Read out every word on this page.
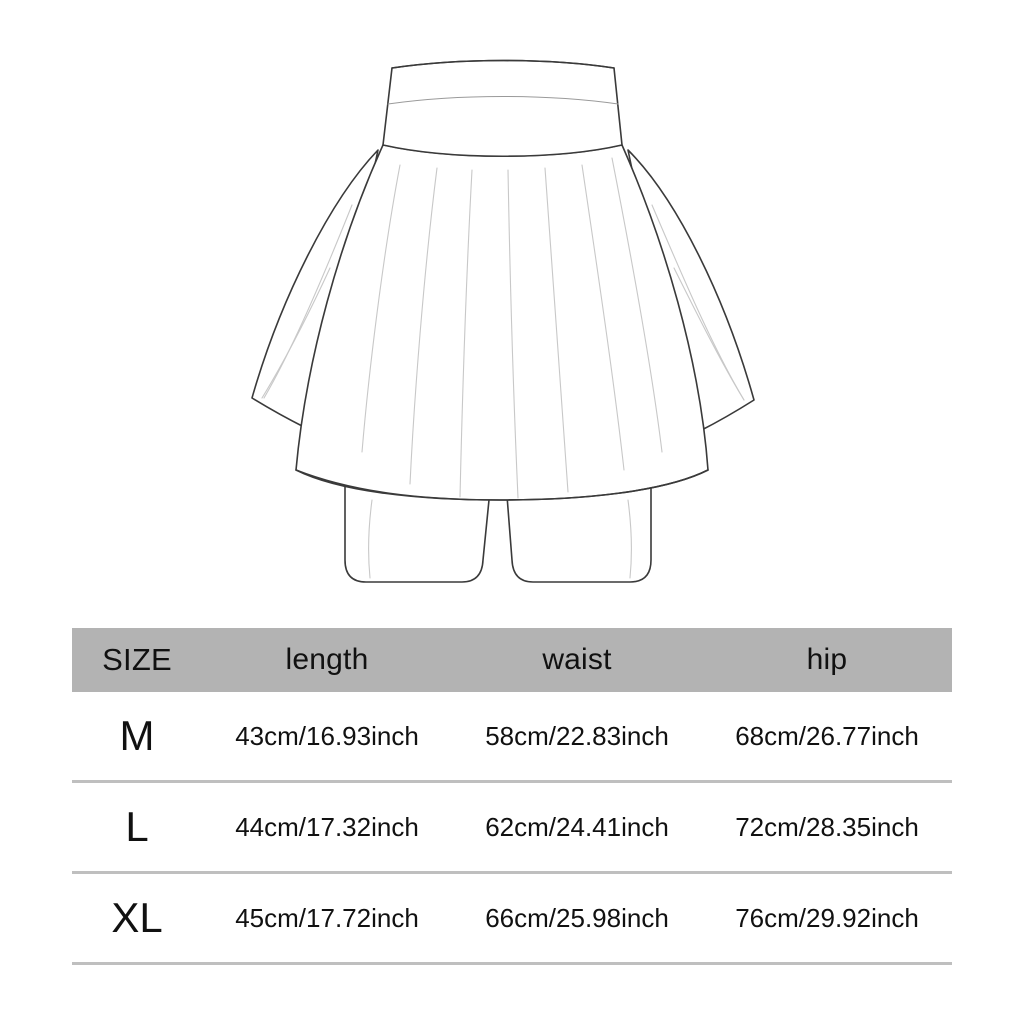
SIZE	length	waist	hip
M	43cm/16.93inch	58cm/22.83inch	68cm/26.77inch
L	44cm/17.32inch	62cm/24.41inch	72cm/28.35inch
XL	45cm/17.72inch	66cm/25.98inch	76cm/29.92inch
